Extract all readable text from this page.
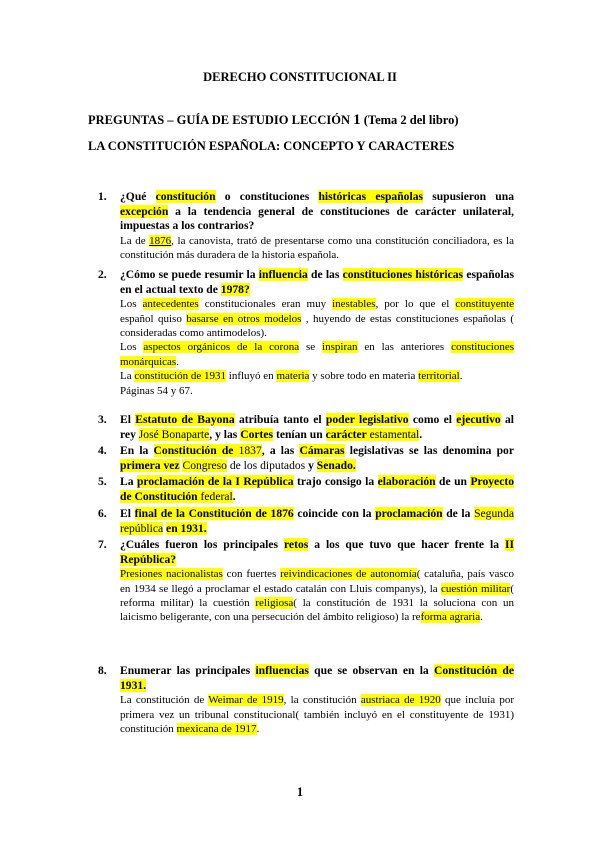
DERECHO CONSTITUCIONAL II
PREGUNTAS – GUÍA DE ESTUDIO LECCIÓN 1 (Tema 2 del libro)
LA CONSTITUCIÓN ESPAÑOLA: CONCEPTO Y CARACTERES
1. ¿Qué constitución o constituciones históricas españolas supusieron una excepción a la tendencia general de constituciones de carácter unilateral, impuestas a los contrarios?

La de 1876, la canovista, trató de presentarse como una constitución conciliadora, es la constitución más duradera de la historia española.

2. ¿Cómo se puede resumir la influencia de las constituciones históricas españolas en el actual texto de 1978?

Los antecedentes constitucionales eran muy inestables, por lo que el constituyente español quiso basarse en otros modelos , huyendo de estas constituciones españolas ( consideradas como antimodelos).

Los aspectos orgánicos de la corona se inspiran en las anteriores constituciones monárquicas.

La constitución de 1931 influyó en materia y sobre todo en materia territorial.

Páginas 54 y 67.

3. El Estatuto de Bayona atribuía tanto el poder legislativo como el ejecutivo al rey José Bonaparte, y las Cortes tenían un carácter estamental.
4. En la Constitución de 1837, a las Cámaras legislativas se las denomina por primera vez Congreso de los diputados y Senado.
5. La proclamación de la I República trajo consigo la elaboración de un Proyecto de Constitución federal.
6. El final de la Constitución de 1876 coincide con la proclamación de la Segunda república en 1931.
7. ¿Cuáles fueron los principales retos a los que tuvo que hacer frente la II República?

Presiones nacionalistas con fuertes reivindicaciones de autonomía( cataluña, país vasco en 1934 se llegó a proclamar el estado catalán con Lluis companys), la cuestión militar( reforma militar) la cuestión religiosa( la constitución de 1931 la soluciona con un laicismo beligerante, con una persecución del ámbito religioso) la reforma agraria.

8. Enumerar las principales influencias que se observan en la Constitución de 1931.

La constitución de Weimar de 1919, la constitución austriaca de 1920 que incluía por primera vez un tribunal constitucional( también incluyó en el constituyente de 1931) constitución mexicana de 1917.

1
